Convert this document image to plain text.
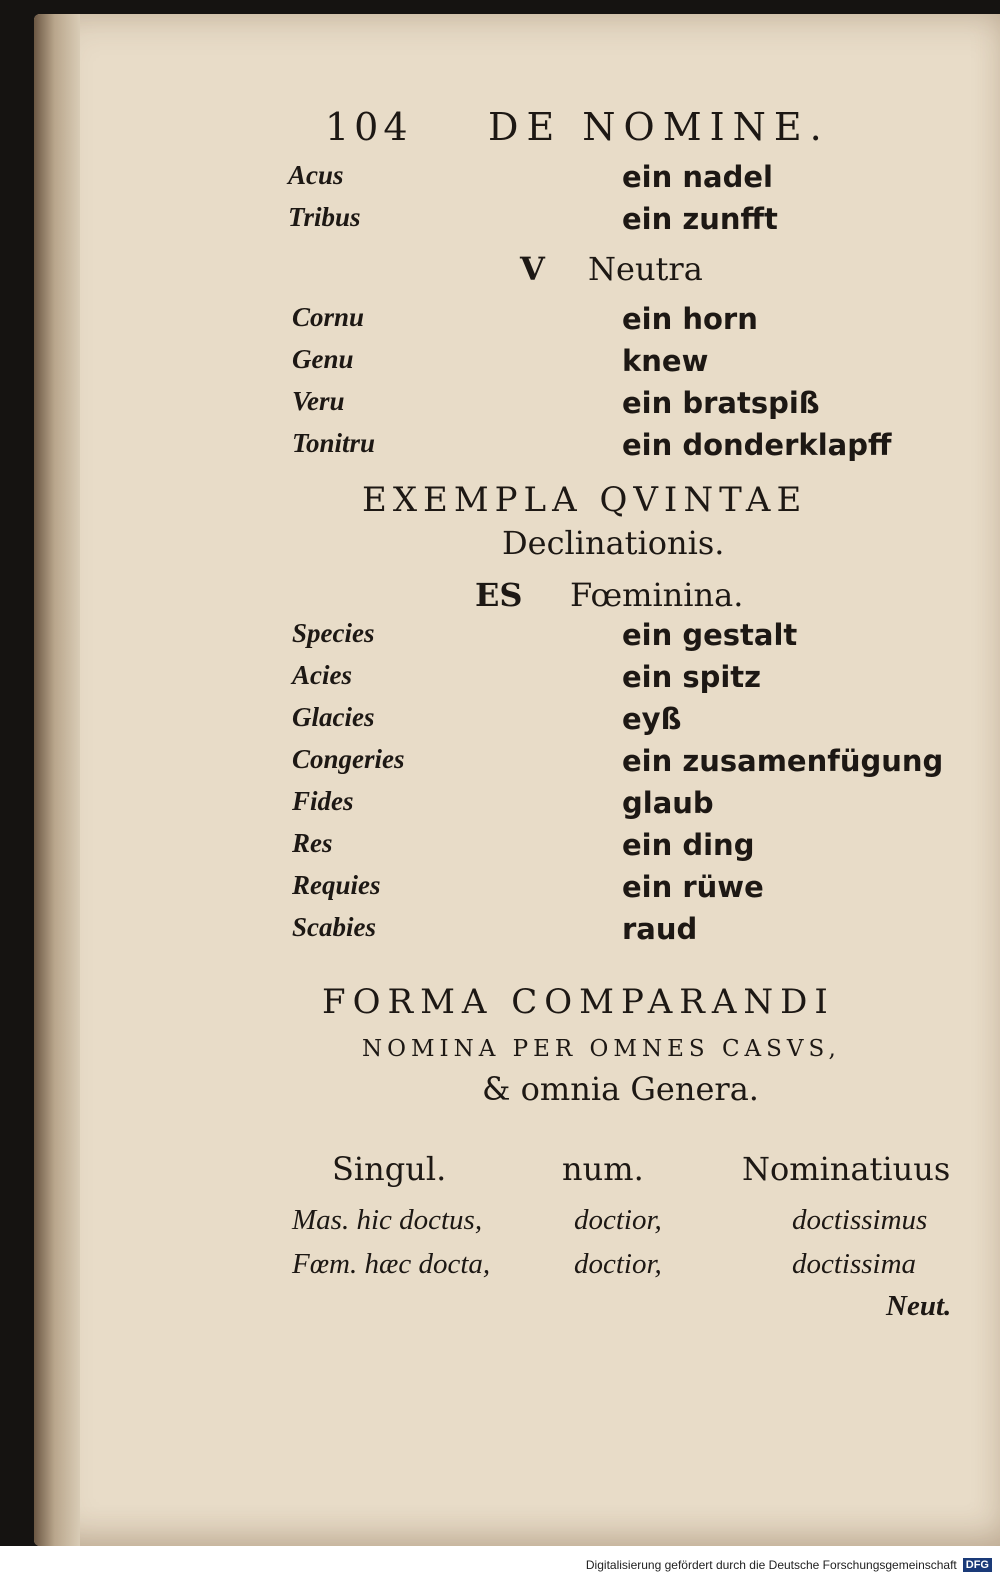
104 DE NOMINE.
Acus	ein nadel
Tribus	ein zunfft
V Neutra
Cornu	ein horn
Genu	knew
Veru	ein bratspiß
Tonitru	ein donderklapff
EXEMPLA QVINTAE
Declinationis.
ES Fœminina.
Species	ein gestalt
Acies	ein spitz
Glacies	eyß
Congeries	ein zusamenfügung
Fides	glaub
Res	ein ding
Requies	ein rüwe
Scabies	raud
FORMA COMPARANDI
NOMINA PER OMNES CASVS,
& omnia Genera.
Singul.	num.	Nominatiuus
Mas. hic doctus,	doctior,	doctissimus
Fœm. hæc docta,	doctior,	doctissima
Neut.
Digitalisierung gefördert durch die Deutsche Forschungsgemeinschaft DFG
